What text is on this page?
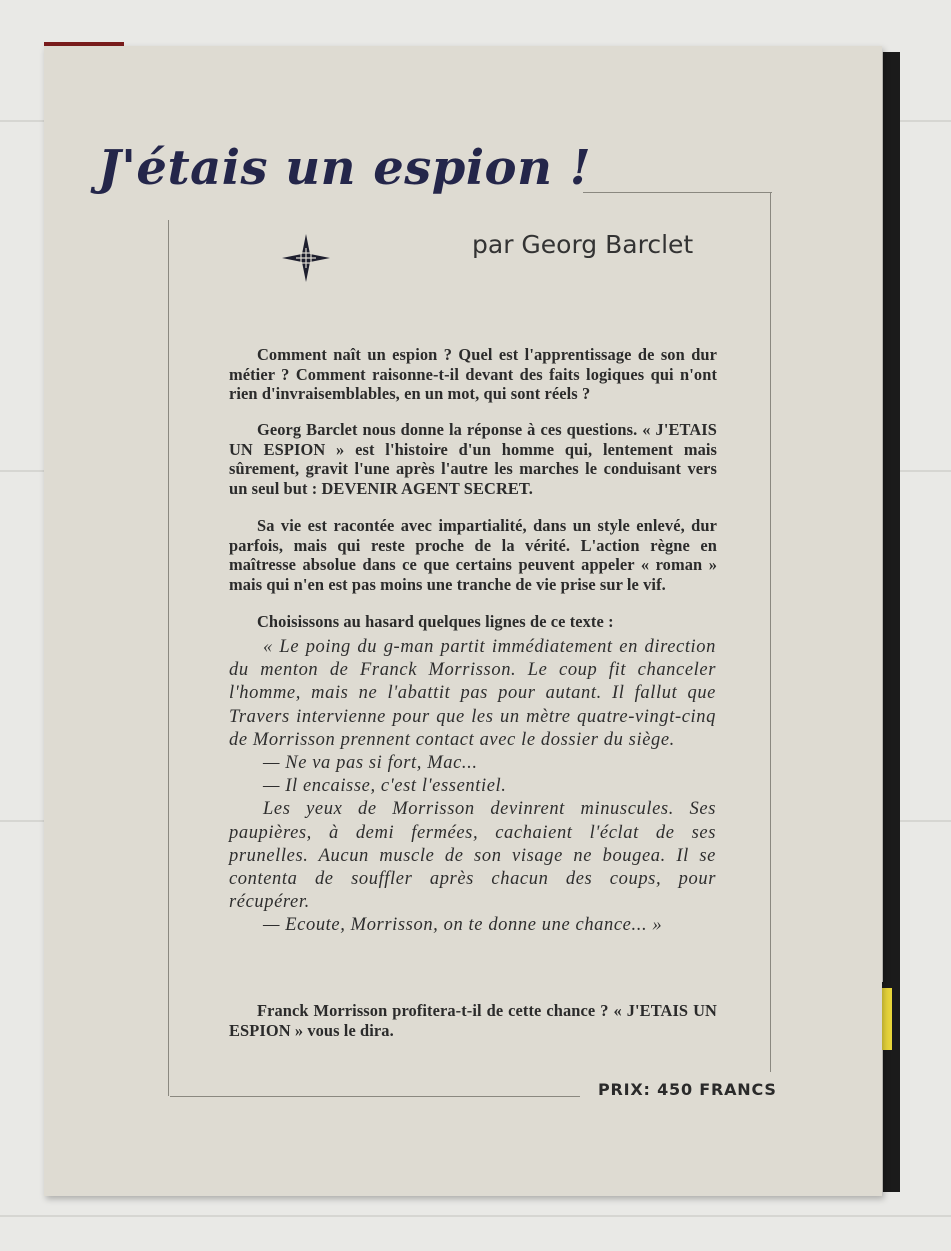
J'étais un espion !
par Georg Barclet

Comment naît un espion ? Quel est l'apprentissage de son dur métier ? Comment raisonne-t-il devant des faits logiques qui n'ont rien d'invraisemblables, en un mot, qui sont réels ?

Georg Barclet nous donne la réponse à ces questions. « J'ETAIS UN ESPION » est l'histoire d'un homme qui, lentement mais sûrement, gravit l'une après l'autre les marches le conduisant vers un seul but : DEVENIR AGENT SECRET.

Sa vie est racontée avec impartialité, dans un style enlevé, dur parfois, mais qui reste proche de la vérité. L'action règne en maîtresse absolue dans ce que certains peuvent appeler « roman » mais qui n'en est pas moins une tranche de vie prise sur le vif.

Choisissons au hasard quelques lignes de ce texte :

« Le poing du g-man partit immédiatement en direction du menton de Franck Morrisson. Le coup fit chanceler l'homme, mais ne l'abattit pas pour autant. Il fallut que Travers intervienne pour que les un mètre quatre-vingt-cinq de Morrisson prennent contact avec le dossier du siège.

— Ne va pas si fort, Mac...

— Il encaisse, c'est l'essentiel.

Les yeux de Morrisson devinrent minuscules. Ses paupières, à demi fermées, cachaient l'éclat de ses prunelles. Aucun muscle de son visage ne bougea. Il se contenta de souffler après chacun des coups, pour récupérer.

— Ecoute, Morrisson, on te donne une chance... »

Franck Morrisson profitera-t-il de cette chance ? « J'ETAIS UN ESPION » vous le dira.

PRIX: 450 FRANCS
